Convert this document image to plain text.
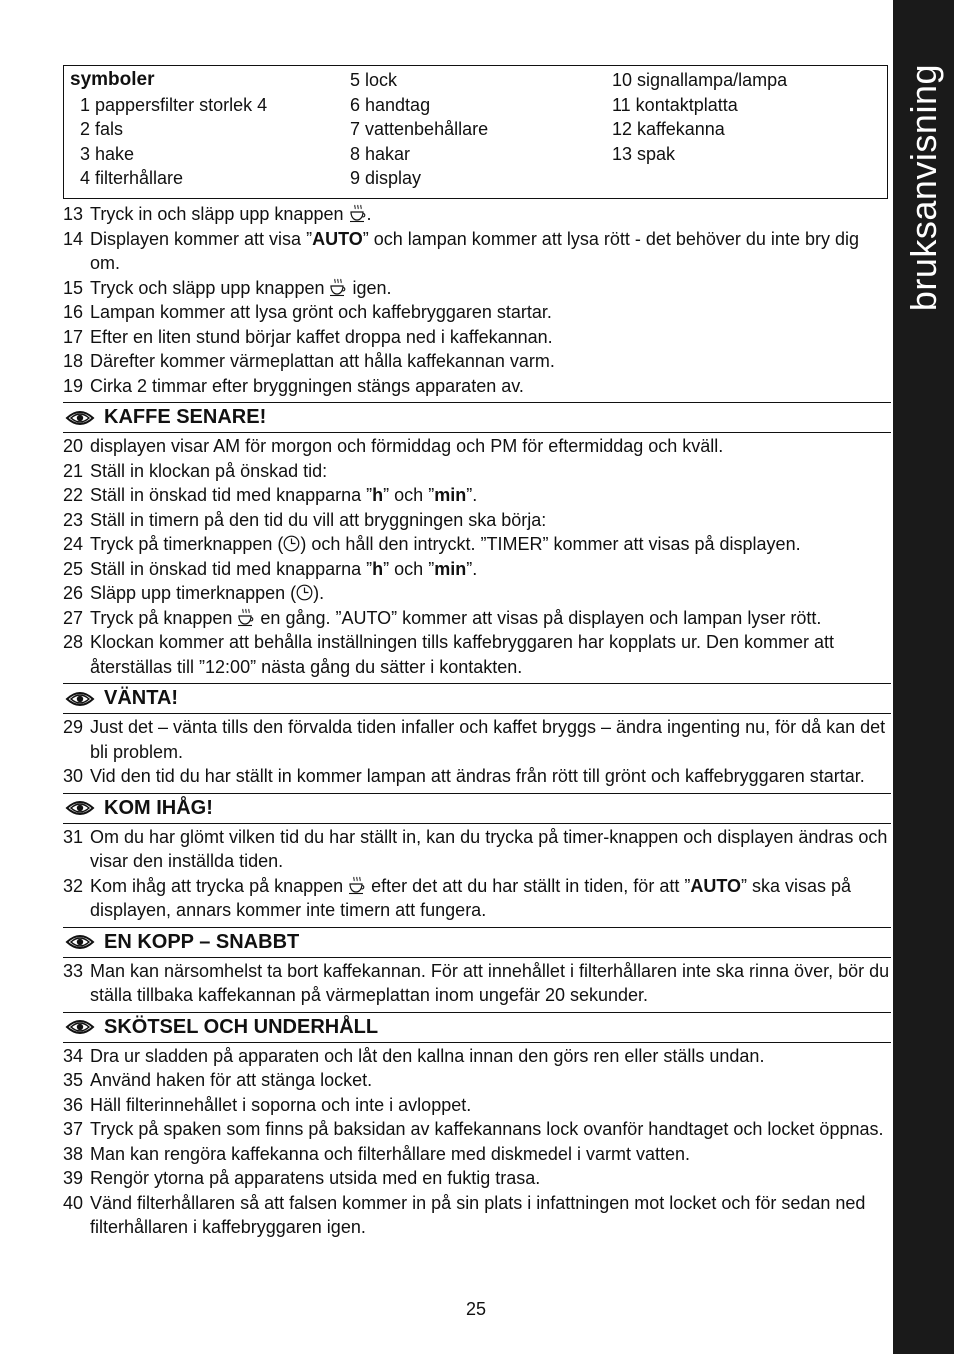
bruksanvisning
symboler
1 pappersfilter storlek 4
2 fals
3 hake
4 filterhållare
5 lock
6 handtag
7 vattenbehållare
8 hakar
9 display
10 signallampa/lampa
11 kontaktplatta
12 kaffekanna
13 spak
13 Tryck in och släpp upp knappen .
14 Displayen kommer att visa ”AUTO” och lampan kommer att lysa rött - det behöver du inte bry dig om.
15 Tryck och släpp upp knappen  igen.
16 Lampan kommer att lysa grönt och kaffebryggaren startar.
17 Efter en liten stund börjar kaffet droppa ned i kaffekannan.
18 Därefter kommer värmeplattan att hålla kaffekannan varm.
19 Cirka 2 timmar efter bryggningen stängs apparaten av.
KAFFE SENARE!
20 displayen visar AM för morgon och förmiddag och PM för eftermiddag och kväll.
21 Ställ in klockan på önskad tid:
22 Ställ in önskad tid med knapparna ”h” och ”min”.
23 Ställ in timern på den tid du vill att bryggningen ska börja:
24 Tryck på timerknappen ( ) och håll den intryckt. ”TIMER” kommer att visas på displayen.
25 Ställ in önskad tid med knapparna ”h” och ”min”.
26 Släpp upp timerknappen ( ).
27 Tryck på knappen  en gång. ”AUTO” kommer att visas på displayen och lampan lyser rött.
28 Klockan kommer att behålla inställningen tills kaffebryggaren har kopplats ur. Den kommer att återställas till ”12:00” nästa gång du sätter i kontakten.
VÄNTA!
29 Just det – vänta tills den förvalda tiden infaller och kaffet bryggs – ändra ingenting nu, för då kan det bli problem.
30 Vid den tid du har ställt in kommer lampan att ändras från rött till grönt och kaffebryggaren startar.
KOM IHÅG!
31 Om du har glömt vilken tid du har ställt in, kan du trycka på timer-knappen och displayen ändras och visar den inställda tiden.
32 Kom ihåg att trycka på knappen  efter det att du har ställt in tiden, för att ”AUTO” ska visas på displayen, annars kommer inte timern att fungera.
EN KOPP – SNABBT
33 Man kan närsomhelst ta bort kaffekannan. För att innehållet i filterhållaren inte ska rinna över, bör du ställa tillbaka kaffekannan på värmeplattan inom ungefär 20 sekunder.
SKÖTSEL OCH UNDERHÅLL
34 Dra ur sladden på apparaten och låt den kallna innan den görs ren eller ställs undan.
35 Använd haken för att stänga locket.
36 Häll filterinnehållet i soporna och inte i avloppet.
37 Tryck på spaken som finns på baksidan av kaffekannans lock ovanför handtaget och locket öppnas.
38 Man kan rengöra kaffekanna och filterhållare med diskmedel i varmt vatten.
39 Rengör ytorna på apparatens utsida med en fuktig trasa.
40 Vänd filterhållaren så att falsen kommer in på sin plats i infattningen mot locket och för sedan ned filterhållaren i kaffebryggaren igen.
25
